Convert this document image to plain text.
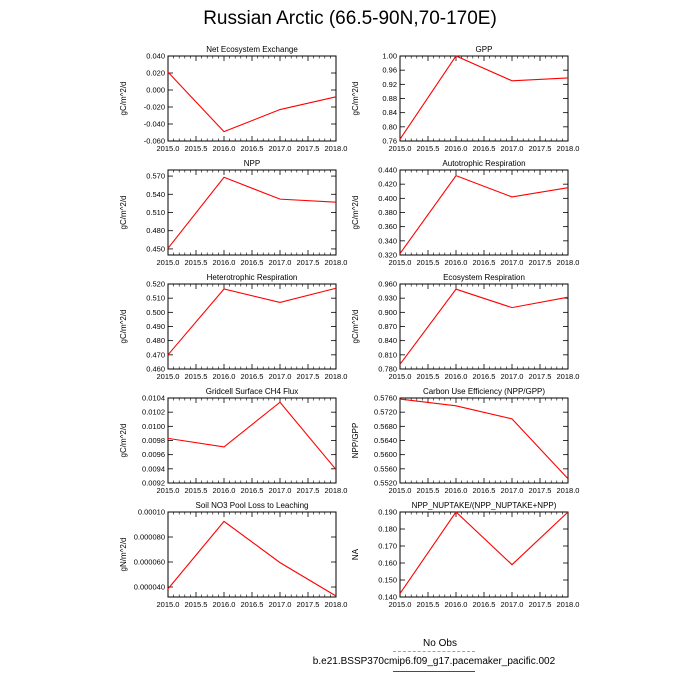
Russian Arctic (66.5-90N,70-170E)
Net Ecosystem Exchange
gC/m^2/d
2015.0 2015.5 2016.0 2016.5 2017.0 2017.5 2018.0
0.040
0.020
0.000
-0.020
-0.040
-0.060
GPP
gC/m^2/d
2015.0 2015.5 2016.0 2016.5 2017.0 2017.5 2018.0
1.00
0.96
0.92
0.88
0.84
0.80
0.76
NPP
gC/m^2/d
2015.0 2015.5 2016.0 2016.5 2017.0 2017.5 2018.0
0.570
0.540
0.510
0.480
0.450
Autotrophic Respiration
gC/m^2/d
2015.0 2015.5 2016.0 2016.5 2017.0 2017.5 2018.0
0.440
0.420
0.400
0.380
0.360
0.340
0.320
Heterotrophic Respiration
gC/m^2/d
2015.0 2015.5 2016.0 2016.5 2017.0 2017.5 2018.0
0.520
0.510
0.500
0.490
0.480
0.470
0.460
Ecosystem Respiration
gC/m^2/d
2015.0 2015.5 2016.0 2016.5 2017.0 2017.5 2018.0
0.960
0.930
0.900
0.870
0.840
0.810
0.780
Gridcell Surface CH4 Flux
gC/m^2/d
2015.0 2015.5 2016.0 2016.5 2017.0 2017.5 2018.0
0.0104
0.0102
0.0100
0.0098
0.0096
0.0094
0.0092
Carbon Use Efficiency (NPP/GPP)
NPP/GPP
2015.0 2015.5 2016.0 2016.5 2017.0 2017.5 2018.0
0.5760
0.5720
0.5680
0.5640
0.5600
0.5560
0.5520
Soil NO3 Pool Loss to Leaching
gN/m^2/d
2015.0 2015.5 2016.0 2016.5 2017.0 2017.5 2018.0
0.00010
0.000080
0.000060
0.000040
NPP_NUPTAKE/(NPP_NUPTAKE+NPP)
NA
2015.0 2015.5 2016.0 2016.5 2017.0 2017.5 2018.0
0.190
0.180
0.170
0.160
0.150
0.140
No Obs
b.e21.BSSP370cmip6.f09_g17.pacemaker_pacific.002
